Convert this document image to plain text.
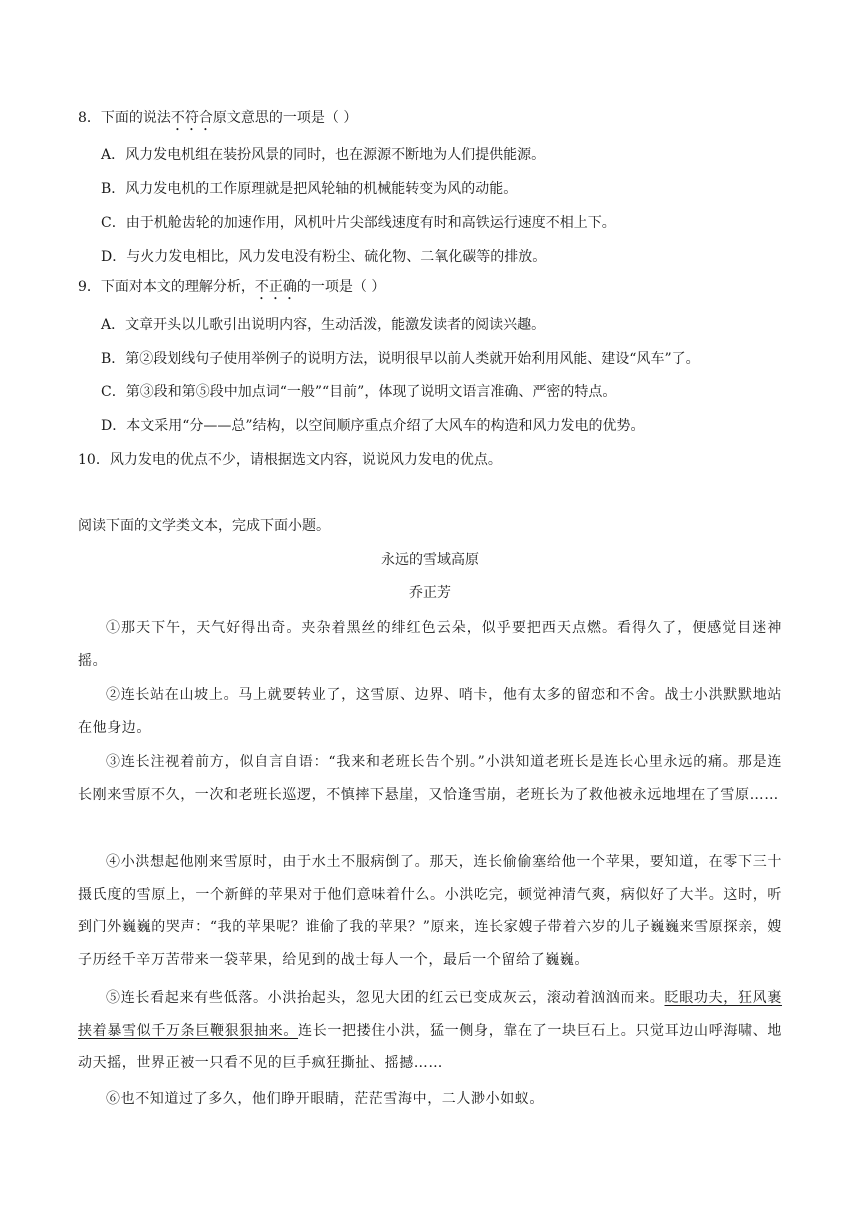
8．下面的说法不符合原文意思的一项是（ ）
A．风力发电机组在装扮风景的同时，也在源源不断地为人们提供能源。
B．风力发电机的工作原理就是把风轮轴的机械能转变为风的动能。
C．由于机舱齿轮的加速作用，风机叶片尖部线速度有时和高铁运行速度不相上下。
D．与火力发电相比，风力发电没有粉尘、硫化物、二氧化碳等的排放。
9．下面对本文的理解分析，不正确的一项是（ ）
A．文章开头以儿歌引出说明内容，生动活泼，能激发读者的阅读兴趣。
B．第②段划线句子使用举例子的说明方法，说明很早以前人类就开始利用风能、建设“风车”了。
C．第③段和第⑤段中加点词“一般”“目前”，体现了说明文语言准确、严密的特点。
D．本文采用“分——总”结构，以空间顺序重点介绍了大风车的构造和风力发电的优势。
10．风力发电的优点不少，请根据选文内容，说说风力发电的优点。
阅读下面的文学类文本，完成下面小题。
永远的雪域高原
乔正芳
①那天下午，天气好得出奇。夹杂着黑丝的绯红色云朵，似乎要把西天点燃。看得久了，便感觉目迷神摇。
②连长站在山坡上。马上就要转业了，这雪原、边界、哨卡，他有太多的留恋和不舍。战士小洪默默地站在他身边。
③连长注视着前方，似自言自语：“我来和老班长告个别。”小洪知道老班长是连长心里永远的痛。那是连长刚来雪原不久，一次和老班长巡逻，不慎摔下悬崖，又恰逢雪崩，老班长为了救他被永远地埋在了雪原……
④小洪想起他刚来雪原时，由于水土不服病倒了。那天，连长偷偷塞给他一个苹果，要知道，在零下三十摄氏度的雪原上，一个新鲜的苹果对于他们意味着什么。小洪吃完，顿觉神清气爽，病似好了大半。这时，听到门外巍巍的哭声：“我的苹果呢？谁偷了我的苹果？”原来，连长家嫂子带着六岁的儿子巍巍来雪原探亲，嫂子历经千辛万苦带来一袋苹果，给见到的战士每人一个，最后一个留给了巍巍。
⑤连长看起来有些低落。小洪抬起头，忽见大团的红云已变成灰云，滚动着汹汹而来。眨眼功夫，狂风裹挟着暴雪似千万条巨鞭狠狠抽来。连长一把搂住小洪，猛一侧身，靠在了一块巨石上。只觉耳边山呼海啸、地动天摇，世界正被一只看不见的巨手疯狂撕扯、摇撼……
⑥也不知道过了多久，他们睁开眼睛，茫茫雪海中，二人渺小如蚁。
